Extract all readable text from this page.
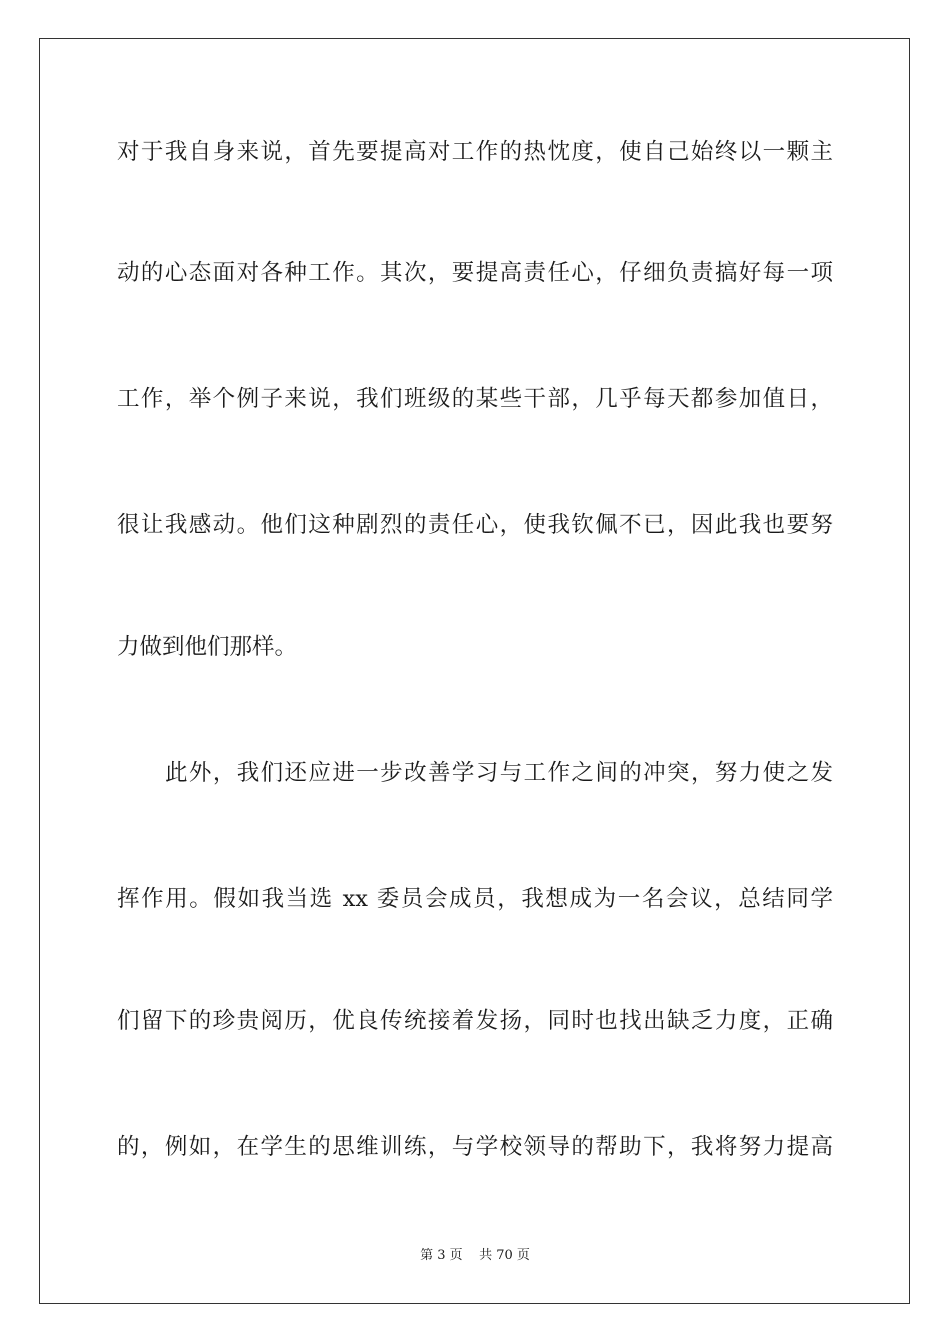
对于我自身来说，首先要提高对工作的热忱度，使自己始终以一颗主
动的心态面对各种工作。其次，要提高责任心，仔细负责搞好每一项
工作，举个例子来说，我们班级的某些干部，几乎每天都参加值日，
很让我感动。他们这种剧烈的责任心，使我钦佩不已，因此我也要努
力做到他们那样。
此外，我们还应进一步改善学习与工作之间的冲突，努力使之发
挥作用。假如我当选 xx 委员会成员，我想成为一名会议，总结同学
们留下的珍贵阅历，优良传统接着发扬，同时也找出缺乏力度，正确
的，例如，在学生的思维训练，与学校领导的帮助下，我将努力提高
第 3 页    共 70 页
